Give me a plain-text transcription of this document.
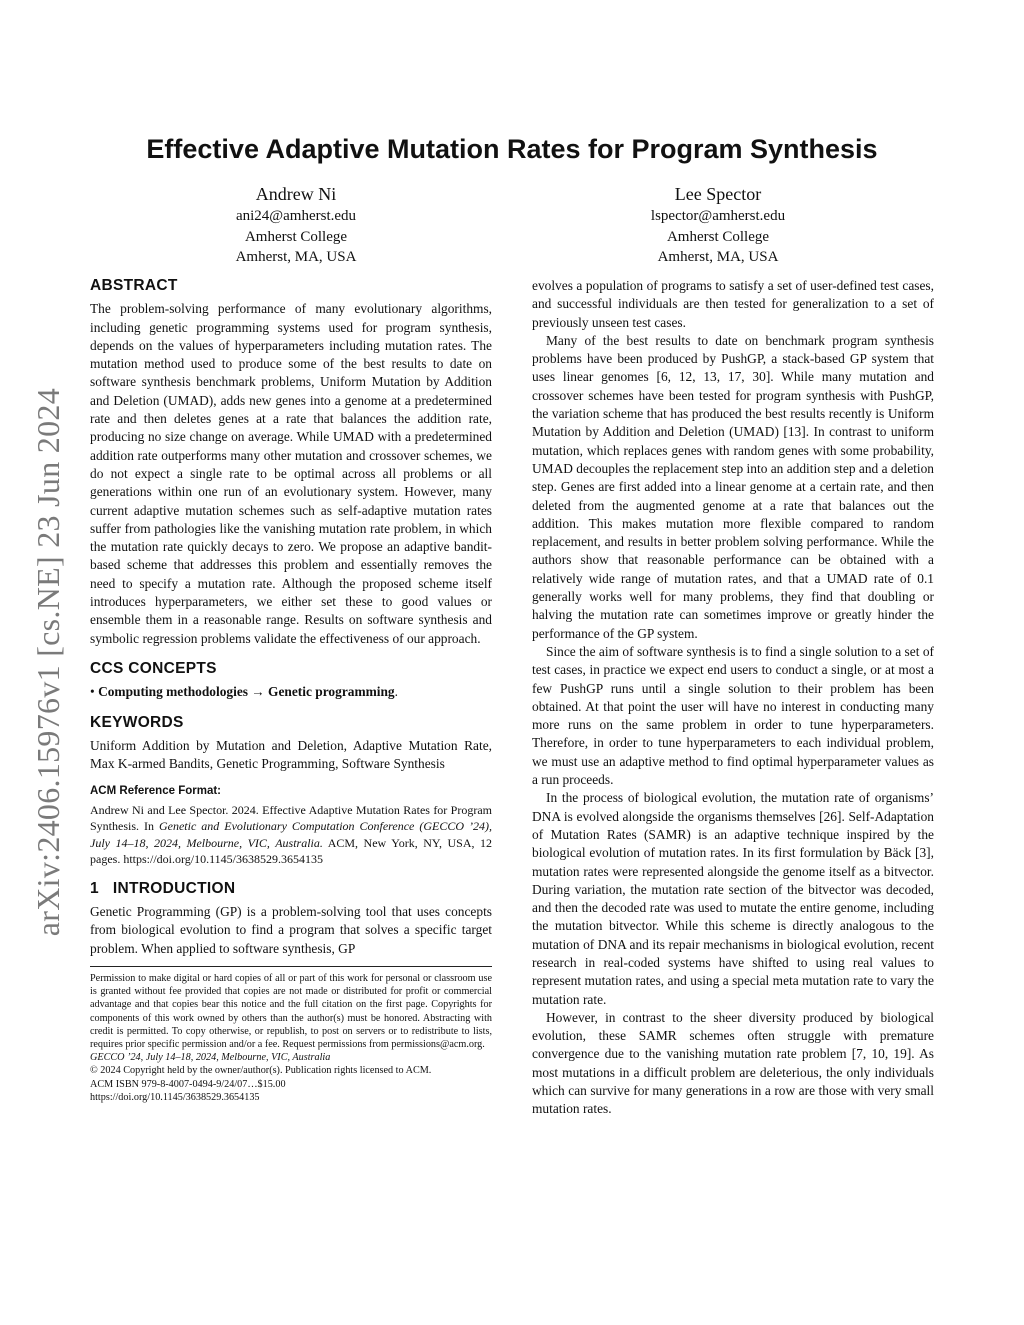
arXiv:2406.15976v1 [cs.NE] 23 Jun 2024
Effective Adaptive Mutation Rates for Program Synthesis
Andrew Ni
ani24@amherst.edu
Amherst College
Amherst, MA, USA
Lee Spector
lspector@amherst.edu
Amherst College
Amherst, MA, USA
ABSTRACT

The problem-solving performance of many evolutionary algorithms, including genetic programming systems used for program synthesis, depends on the values of hyperparameters including mutation rates. The mutation method used to produce some of the best results to date on software synthesis benchmark problems, Uniform Mutation by Addition and Deletion (UMAD), adds new genes into a genome at a predetermined rate and then deletes genes at a rate that balances the addition rate, producing no size change on average. While UMAD with a predetermined addition rate outperforms many other mutation and crossover schemes, we do not expect a single rate to be optimal across all problems or all generations within one run of an evolutionary system. However, many current adaptive mutation schemes such as self-adaptive mutation rates suffer from pathologies like the vanishing mutation rate problem, in which the mutation rate quickly decays to zero. We propose an adaptive bandit-based scheme that addresses this problem and essentially removes the need to specify a mutation rate. Although the proposed scheme itself introduces hyperparameters, we either set these to good values or ensemble them in a reasonable range. Results on software synthesis and symbolic regression problems validate the effectiveness of our approach.

CCS CONCEPTS

• Computing methodologies → Genetic programming.

KEYWORDS

Uniform Addition by Mutation and Deletion, Adaptive Mutation Rate, Max K-armed Bandits, Genetic Programming, Software Synthesis

ACM Reference Format:

Andrew Ni and Lee Spector. 2024. Effective Adaptive Mutation Rates for Program Synthesis. In Genetic and Evolutionary Computation Conference (GECCO ’24), July 14–18, 2024, Melbourne, VIC, Australia. ACM, New York, NY, USA, 12 pages. https://doi.org/10.1145/3638529.3654135

1 INTRODUCTION

Genetic Programming (GP) is a problem-solving tool that uses concepts from biological evolution to find a program that solves a specific target problem. When applied to software synthesis, GP

Permission to make digital or hard copies of all or part of this work for personal or classroom use is granted without fee provided that copies are not made or distributed for profit or commercial advantage and that copies bear this notice and the full citation on the first page. Copyrights for components of this work owned by others than the author(s) must be honored. Abstracting with credit is permitted. To copy otherwise, or republish, to post on servers or to redistribute to lists, requires prior specific permission and/or a fee. Request permissions from permissions@acm.org.

GECCO ’24, July 14–18, 2024, Melbourne, VIC, Australia

© 2024 Copyright held by the owner/author(s). Publication rights licensed to ACM.

ACM ISBN 979-8-4007-0494-9/24/07…$15.00

https://doi.org/10.1145/3638529.3654135

evolves a population of programs to satisfy a set of user-defined test cases, and successful individuals are then tested for generalization to a set of previously unseen test cases.

Many of the best results to date on benchmark program synthesis problems have been produced by PushGP, a stack-based GP system that uses linear genomes [6, 12, 13, 17, 30]. While many mutation and crossover schemes have been tested for program synthesis with PushGP, the variation scheme that has produced the best results recently is Uniform Mutation by Addition and Deletion (UMAD) [13]. In contrast to uniform mutation, which replaces genes with random genes with some probability, UMAD decouples the replacement step into an addition step and a deletion step. Genes are first added into a linear genome at a certain rate, and then deleted from the augmented genome at a rate that balances out the addition. This makes mutation more flexible compared to random replacement, and results in better problem solving performance. While the authors show that reasonable performance can be obtained with a relatively wide range of mutation rates, and that a UMAD rate of 0.1 generally works well for many problems, they find that doubling or halving the mutation rate can sometimes improve or greatly hinder the performance of the GP system.

Since the aim of software synthesis is to find a single solution to a set of test cases, in practice we expect end users to conduct a single, or at most a few PushGP runs until a single solution to their problem has been obtained. At that point the user will have no interest in conducting many more runs on the same problem in order to tune hyperparameters. Therefore, in order to tune hyperparameters to each individual problem, we must use an adaptive method to find optimal hyperparameter values as a run proceeds.

In the process of biological evolution, the mutation rate of organisms’ DNA is evolved alongside the organisms themselves [26]. Self-Adaptation of Mutation Rates (SAMR) is an adaptive technique inspired by the biological evolution of mutation rates. In its first formulation by Bäck [3], mutation rates were represented alongside the genome itself as a bitvector. During variation, the mutation rate section of the bitvector was decoded, and then the decoded rate was used to mutate the entire genome, including the mutation bitvector. While this scheme is directly analogous to the mutation of DNA and its repair mechanisms in biological evolution, recent research in real-coded systems have shifted to using real values to represent mutation rates, and using a special meta mutation rate to vary the mutation rate.

However, in contrast to the sheer diversity produced by biological evolution, these SAMR schemes often struggle with premature convergence due to the vanishing mutation rate problem [7, 10, 19]. As most mutations in a difficult problem are deleterious, the only individuals which can survive for many generations in a row are those with very small mutation rates.
